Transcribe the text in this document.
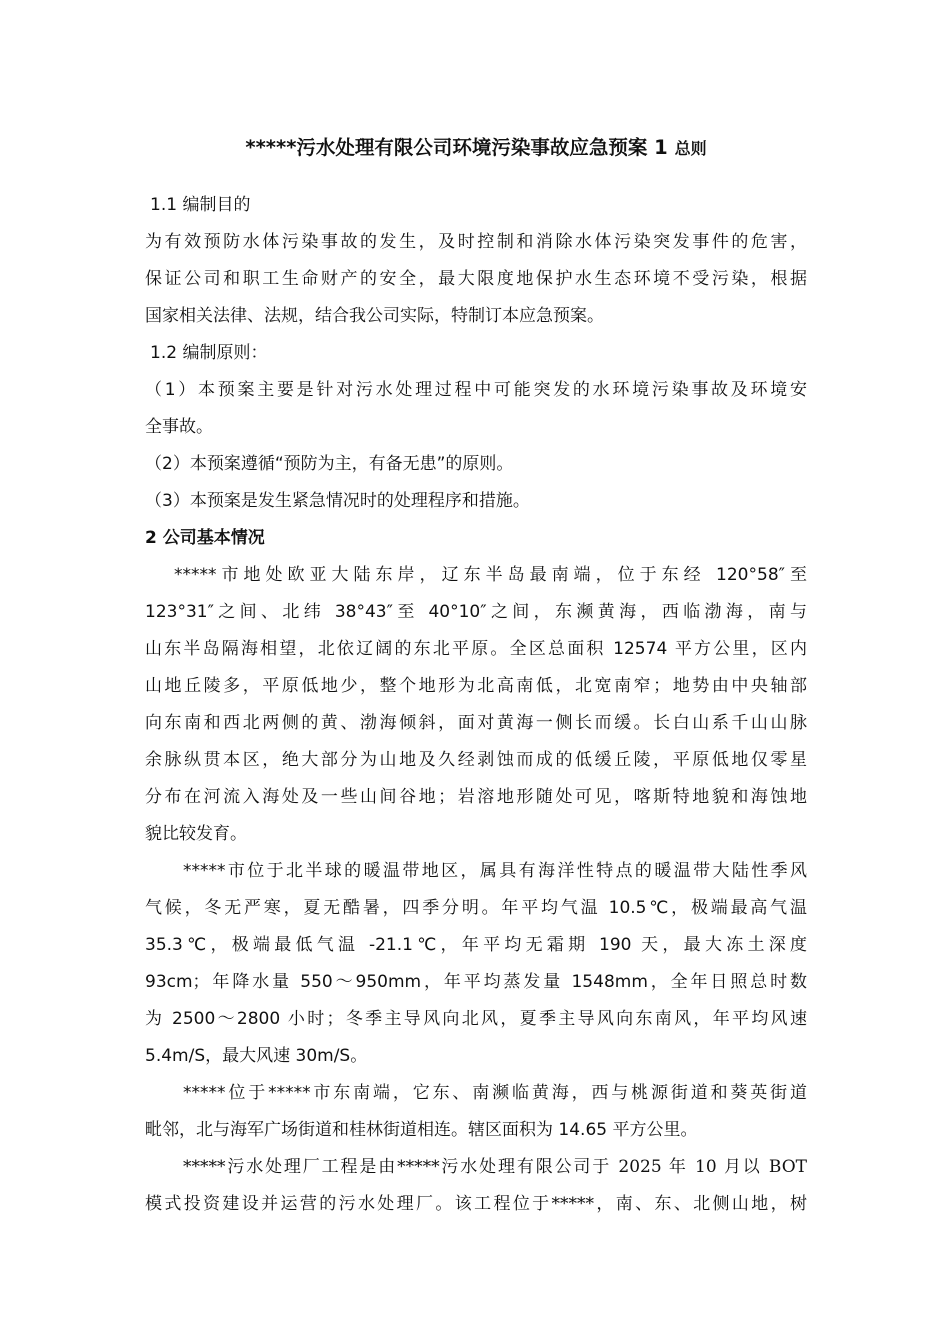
*****污水处理有限公司环境污染事故应急预案 1 总则

1.1 编制目的

为有效预防水体污染事故的发生，及时控制和消除水体污染突发事件的危害，

保证公司和职工生命财产的安全，最大限度地保护水生态环境不受污染，根据

国家相关法律、法规，结合我公司实际，特制订本应急预案。

1.2 编制原则：

（1）本预案主要是针对污水处理过程中可能突发的水环境污染事故及环境安

全事故。

（2）本预案遵循“预防为主，有备无患”的原则。

（3）本预案是发生紧急情况时的处理程序和措施。

2 公司基本情况

*****市地处欧亚大陆东岸，辽东半岛最南端，位于东经 120°58″至

123°31″之间、北纬 38°43″至 40°10″之间，东濒黄海，西临渤海，南与

山东半岛隔海相望，北依辽阔的东北平原。全区总面积 12574 平方公里，区内

山地丘陵多，平原低地少，整个地形为北高南低，北宽南窄；地势由中央轴部

向东南和西北两侧的黄、渤海倾斜，面对黄海一侧长而缓。长白山系千山山脉

余脉纵贯本区，绝大部分为山地及久经剥蚀而成的低缓丘陵，平原低地仅零星

分布在河流入海处及一些山间谷地；岩溶地形随处可见，喀斯特地貌和海蚀地

貌比较发育。

*****市位于北半球的暖温带地区，属具有海洋性特点的暖温带大陆性季风

气候，冬无严寒，夏无酷暑，四季分明。年平均气温 10.5℃，极端最高气温

35.3℃，极端最低气温 -21.1℃，年平均无霜期 190 天，最大冻土深度

93cm；年降水量 550～950mm，年平均蒸发量 1548mm，全年日照总时数

为 2500～2800 小时；冬季主导风向北风，夏季主导风向东南风，年平均风速

5.4m/S，最大风速 30m/S。

*****位于*****市东南端，它东、南濒临黄海，西与桃源街道和葵英街道

毗邻，北与海军广场街道和桂林街道相连。辖区面积为 14.65 平方公里。

*****污水处理厂工程是由*****污水处理有限公司于 2025 年 10 月以 BOT

模式投资建设并运营的污水处理厂。该工程位于*****，南、东、北侧山地，树
